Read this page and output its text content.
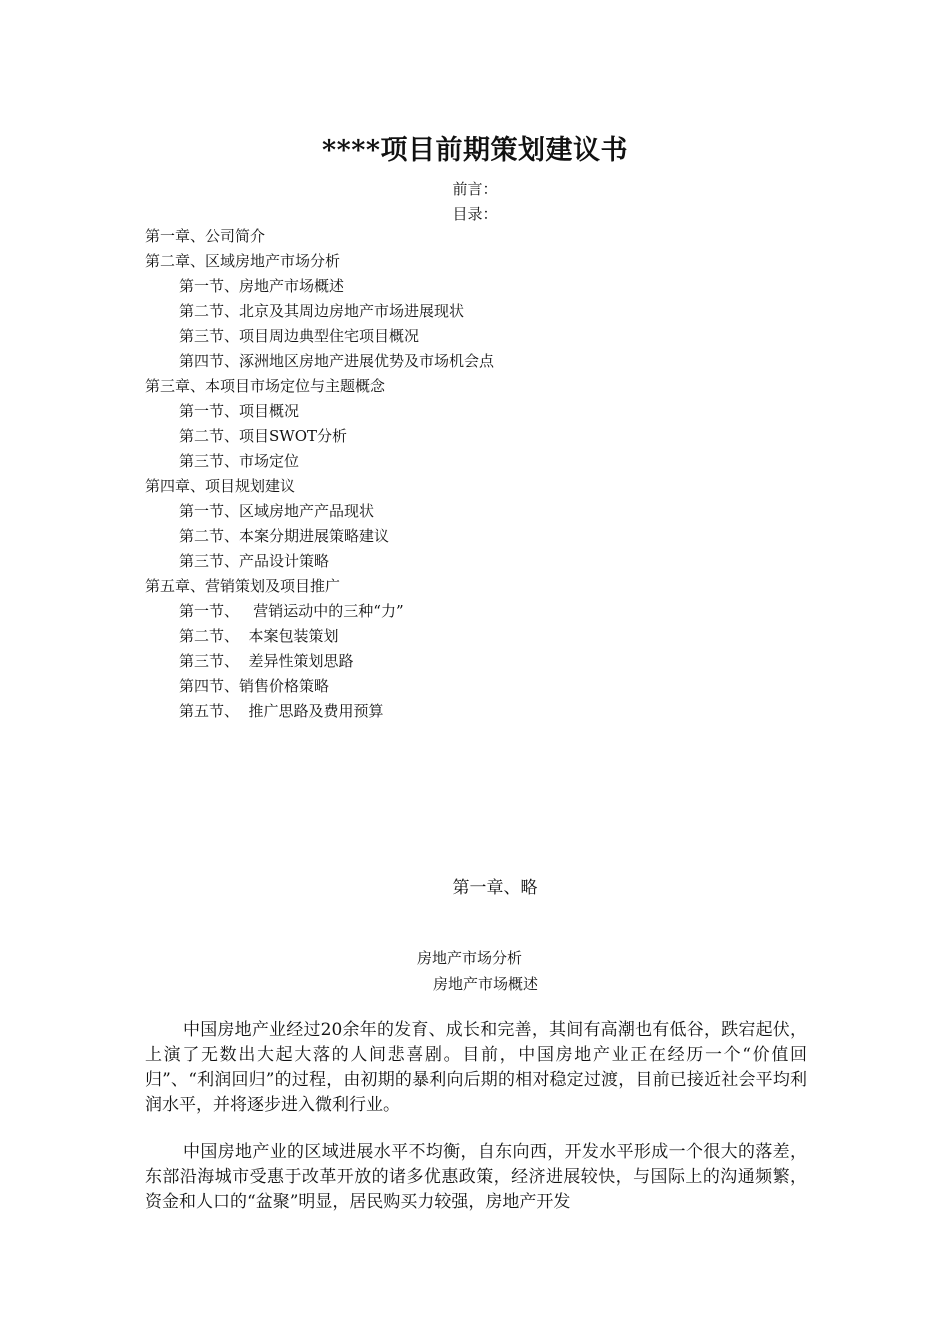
****项目前期策划建议书
前言：
目录：
第一章、公司简介
第二章、区域房地产市场分析
第一节、房地产市场概述
第二节、北京及其周边房地产市场进展现状
第三节、项目周边典型住宅项目概况
第四节、涿洲地区房地产进展优势及市场机会点
第三章、本项目市场定位与主题概念
第一节、项目概况
第二节、项目SWOT分析
第三节、市场定位
第四章、项目规划建议
第一节、区域房地产产品现状
第二节、本案分期进展策略建议
第三节、产品设计策略
第五章、营销策划及项目推广
第一节、   营销运动中的三种“力”
第二节、  本案包装策划
第三节、  差异性策划思路
第四节、销售价格策略
第五节、  推广思路及费用预算
第一章、略
房地产市场分析
房地产市场概述

中国房地产业经过20余年的发育、成长和完善，其间有高潮也有低谷，跌宕起伏，上演了无数出大起大落的人间悲喜剧。目前，中国房地产业正在经历一个“价值回归”、“利润回归”的过程，由初期的暴利向后期的相对稳定过渡，目前已接近社会平均利润水平，并将逐步进入微利行业。

中国房地产业的区域进展水平不均衡，自东向西，开发水平形成一个很大的落差，东部沿海城市受惠于改革开放的诸多优惠政策，经济进展较快，与国际上的沟通频繁，资金和人口的“盆聚”明显，居民购买力较强，房地产开发
